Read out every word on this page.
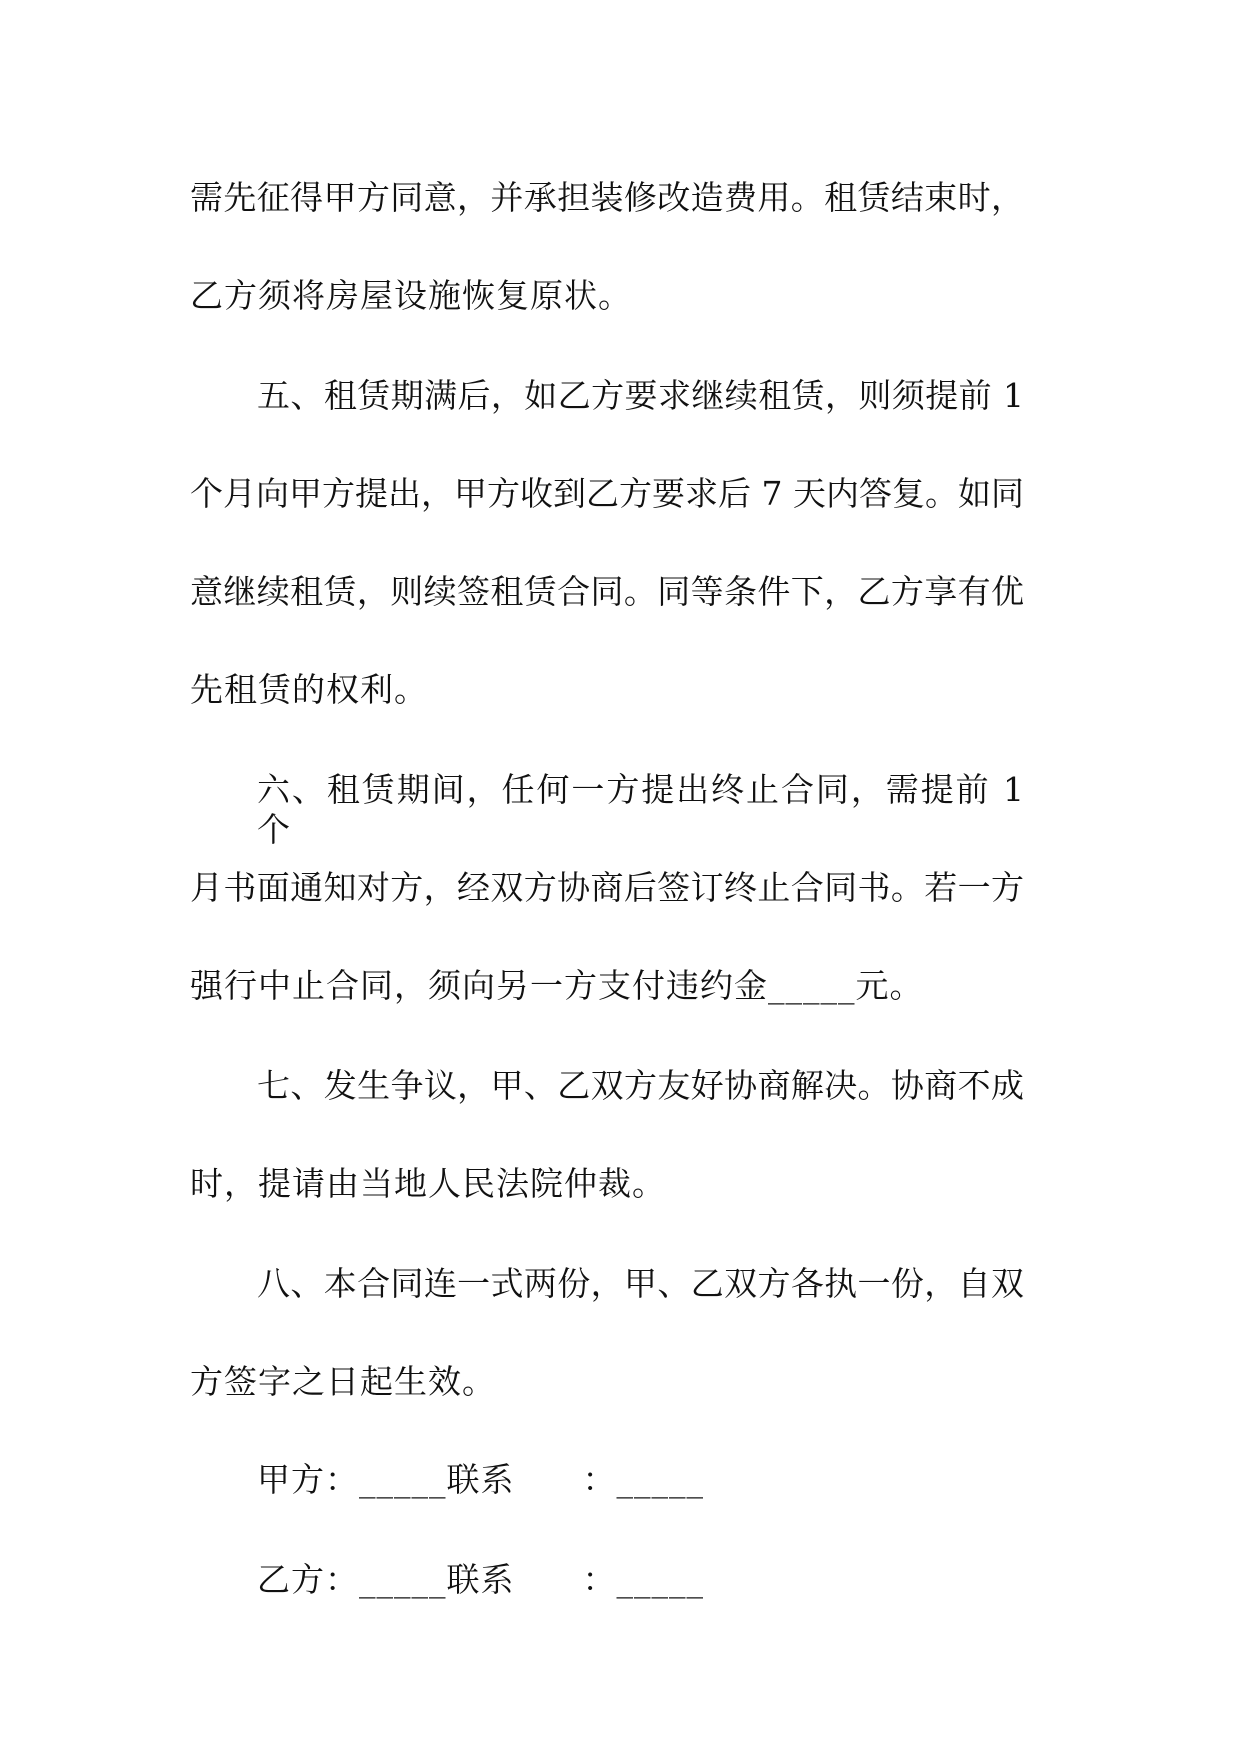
需先征得甲方同意，并承担装修改造费用。租赁结束时，
乙方须将房屋设施恢复原状。
五、租赁期满后，如乙方要求继续租赁，则须提前 1
个月向甲方提出，甲方收到乙方要求后 7 天内答复。如同
意继续租赁，则续签租赁合同。同等条件下，乙方享有优
先租赁的权利。
六、租赁期间，任何一方提出终止合同，需提前 1 个
月书面通知对方，经双方协商后签订终止合同书。若一方
强行中止合同，须向另一方支付违约金_____元。
七、发生争议，甲、乙双方友好协商解决。协商不成
时，提请由当地人民法院仲裁。
八、本合同连一式两份，甲、乙双方各执一份，自双
方签字之日起生效。
甲方：_____联系　　：_____
乙方：_____联系　　：_____
